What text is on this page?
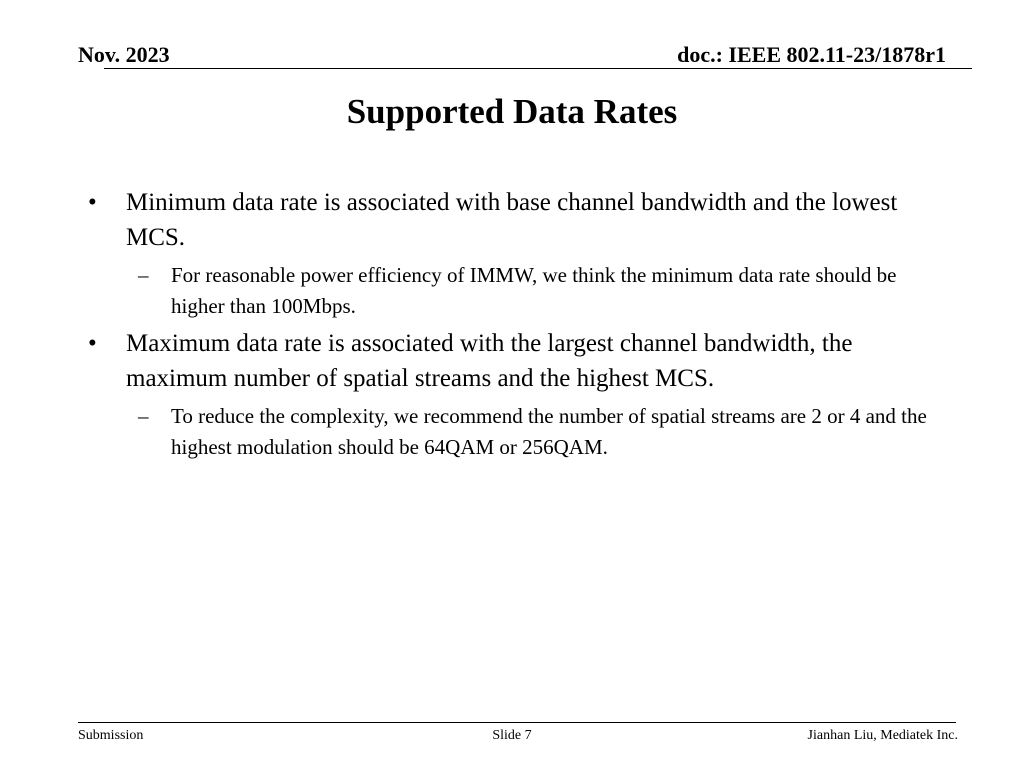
Nov. 2023	doc.: IEEE 802.11-23/1878r1
Supported Data Rates
• Minimum data rate is associated with base channel bandwidth and the lowest MCS.
– For reasonable power efficiency of IMMW, we think the minimum data rate should be higher than 100Mbps.
• Maximum data rate is associated with the largest channel bandwidth, the maximum number of spatial streams and the highest MCS.
– To reduce the complexity, we recommend the number of spatial streams are 2 or 4 and the highest modulation should be 64QAM or 256QAM.
Submission	Slide 7	Jianhan Liu, Mediatek Inc.
